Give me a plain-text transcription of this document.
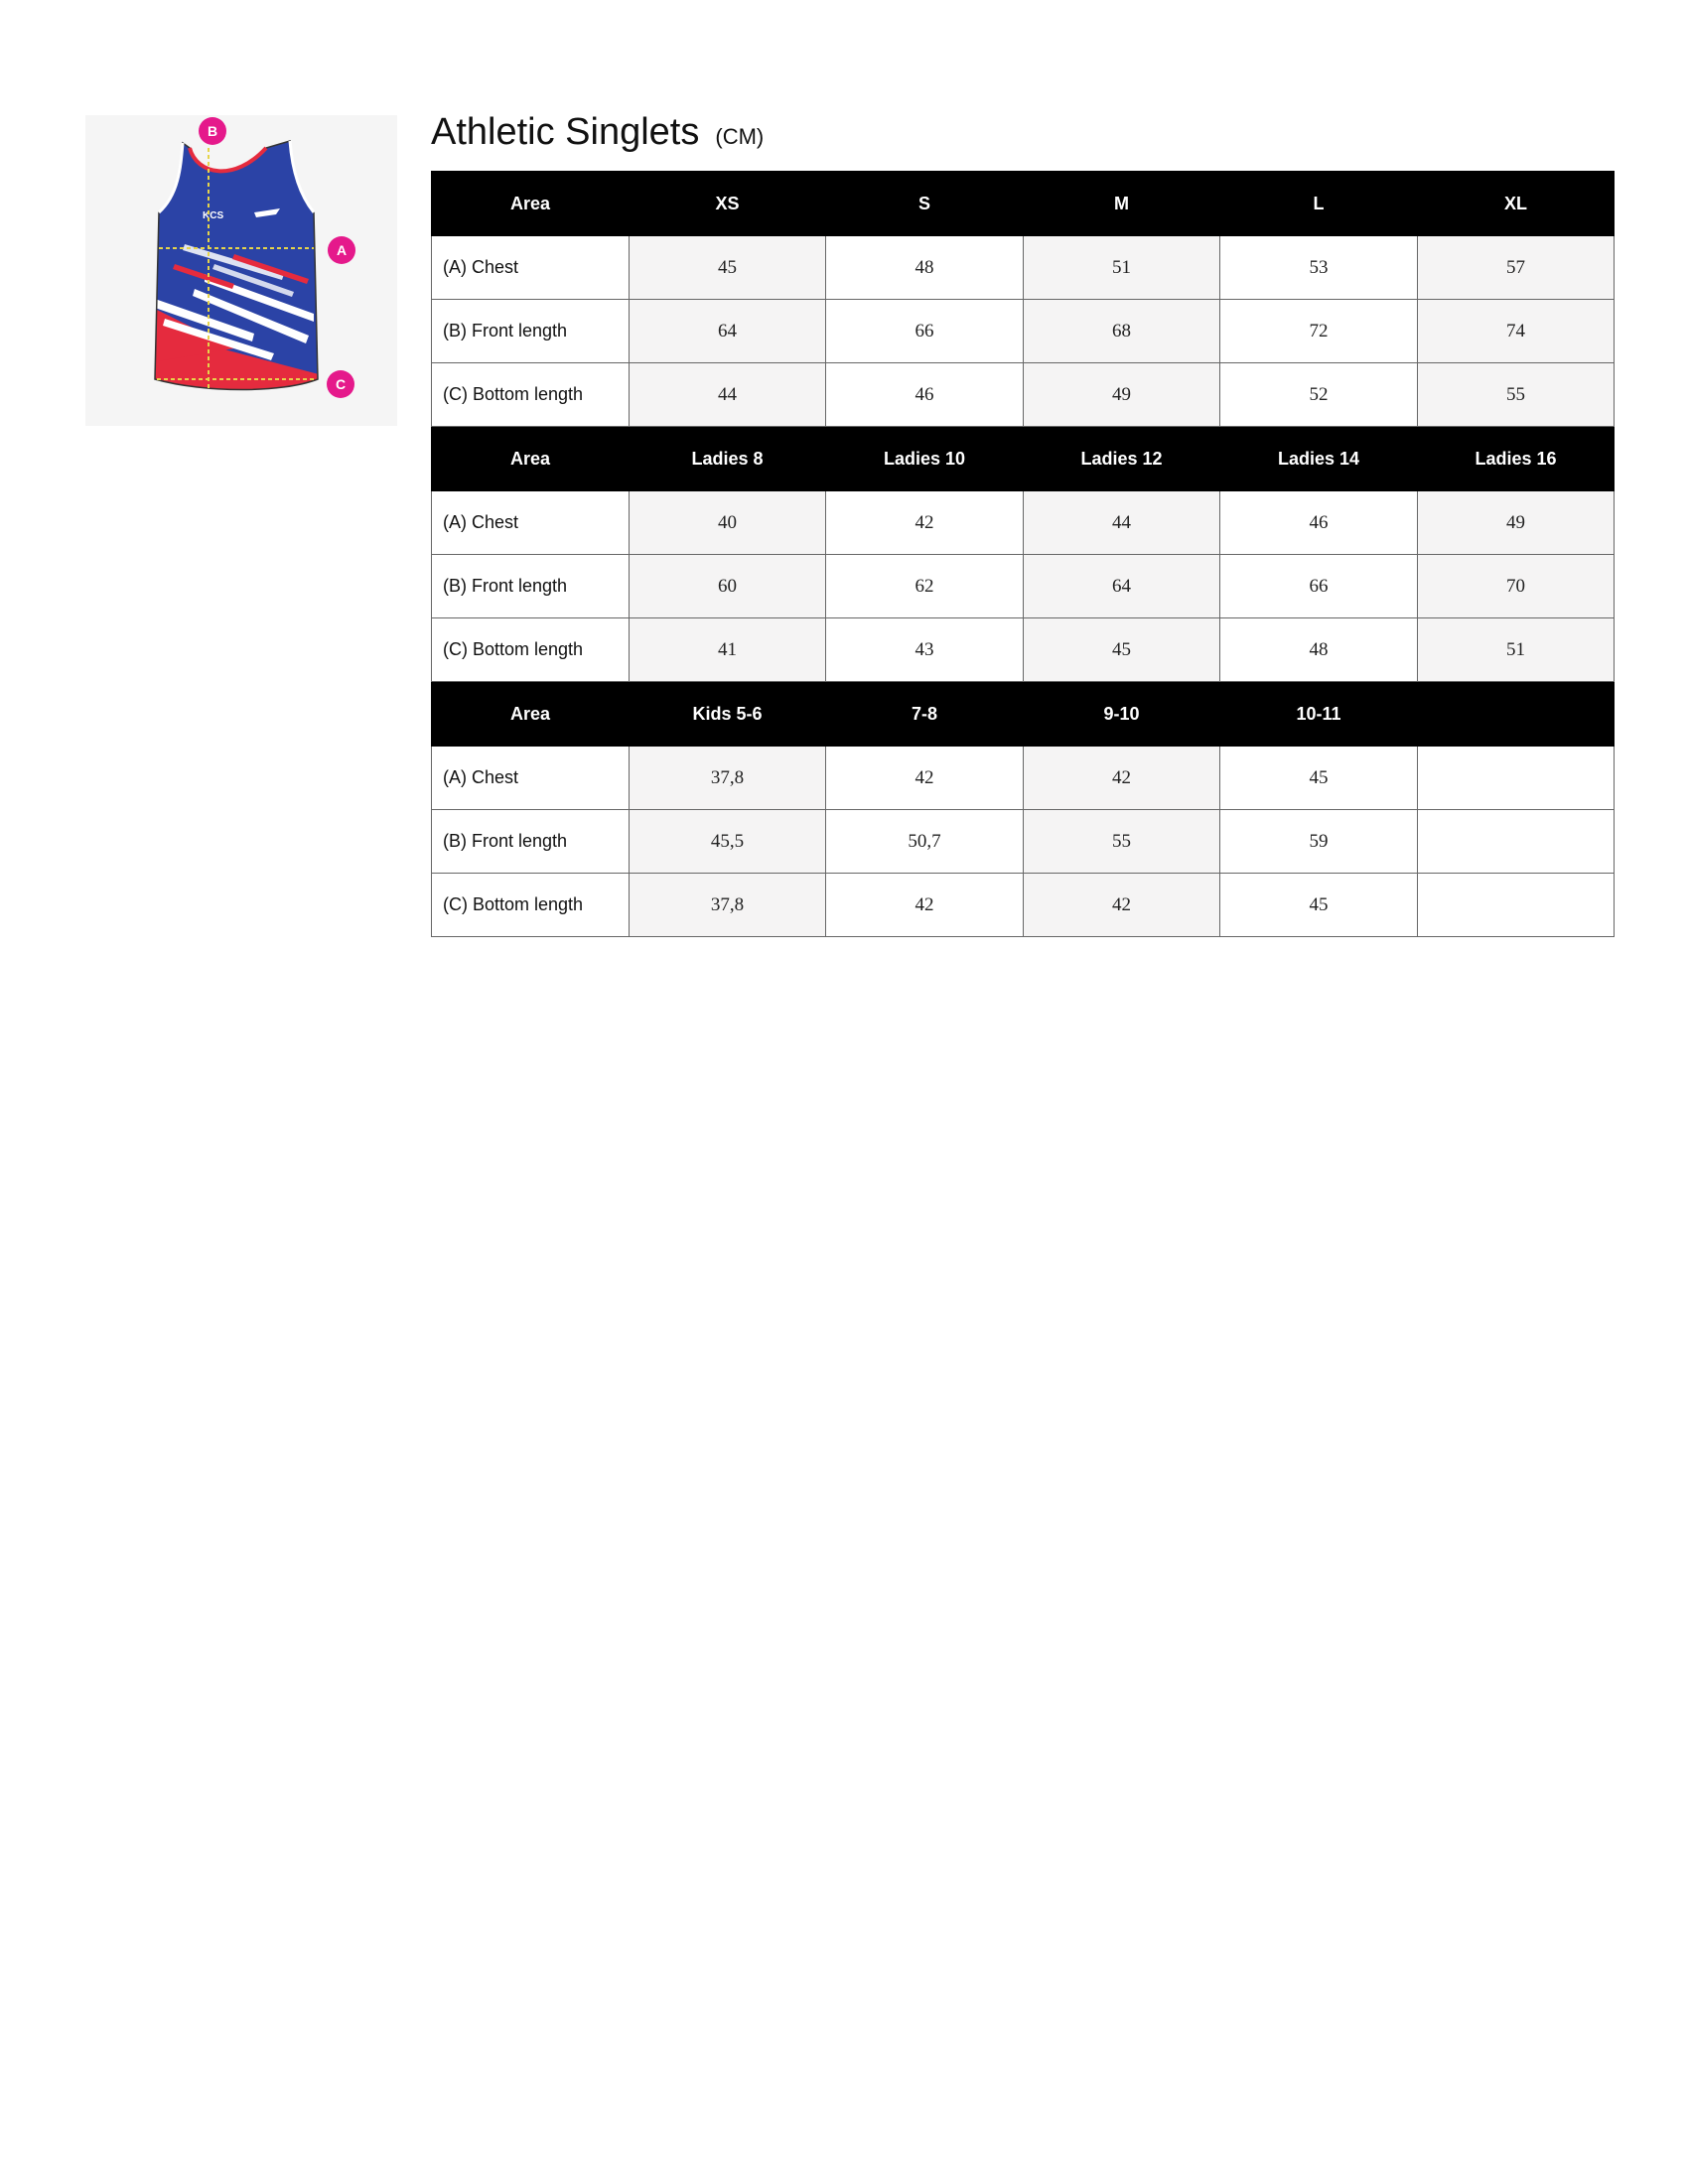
KCS
B
A
C
Athletic Singlets (CM)
Area	XS	S	M	L	XL
(A) Chest	45	48	51	53	57
(B) Front length	64	66	68	72	74
(C) Bottom length	44	46	49	52	55
Area	Ladies 8	Ladies 10	Ladies 12	Ladies 14	Ladies 16
(A) Chest	40	42	44	46	49
(B) Front length	60	62	64	66	70
(C) Bottom length	41	43	45	48	51
Area	Kids 5-6	7-8	9-10	10-11	
(A) Chest	37,8	42	42	45	
(B) Front length	45,5	50,7	55	59	
(C) Bottom length	37,8	42	42	45	
